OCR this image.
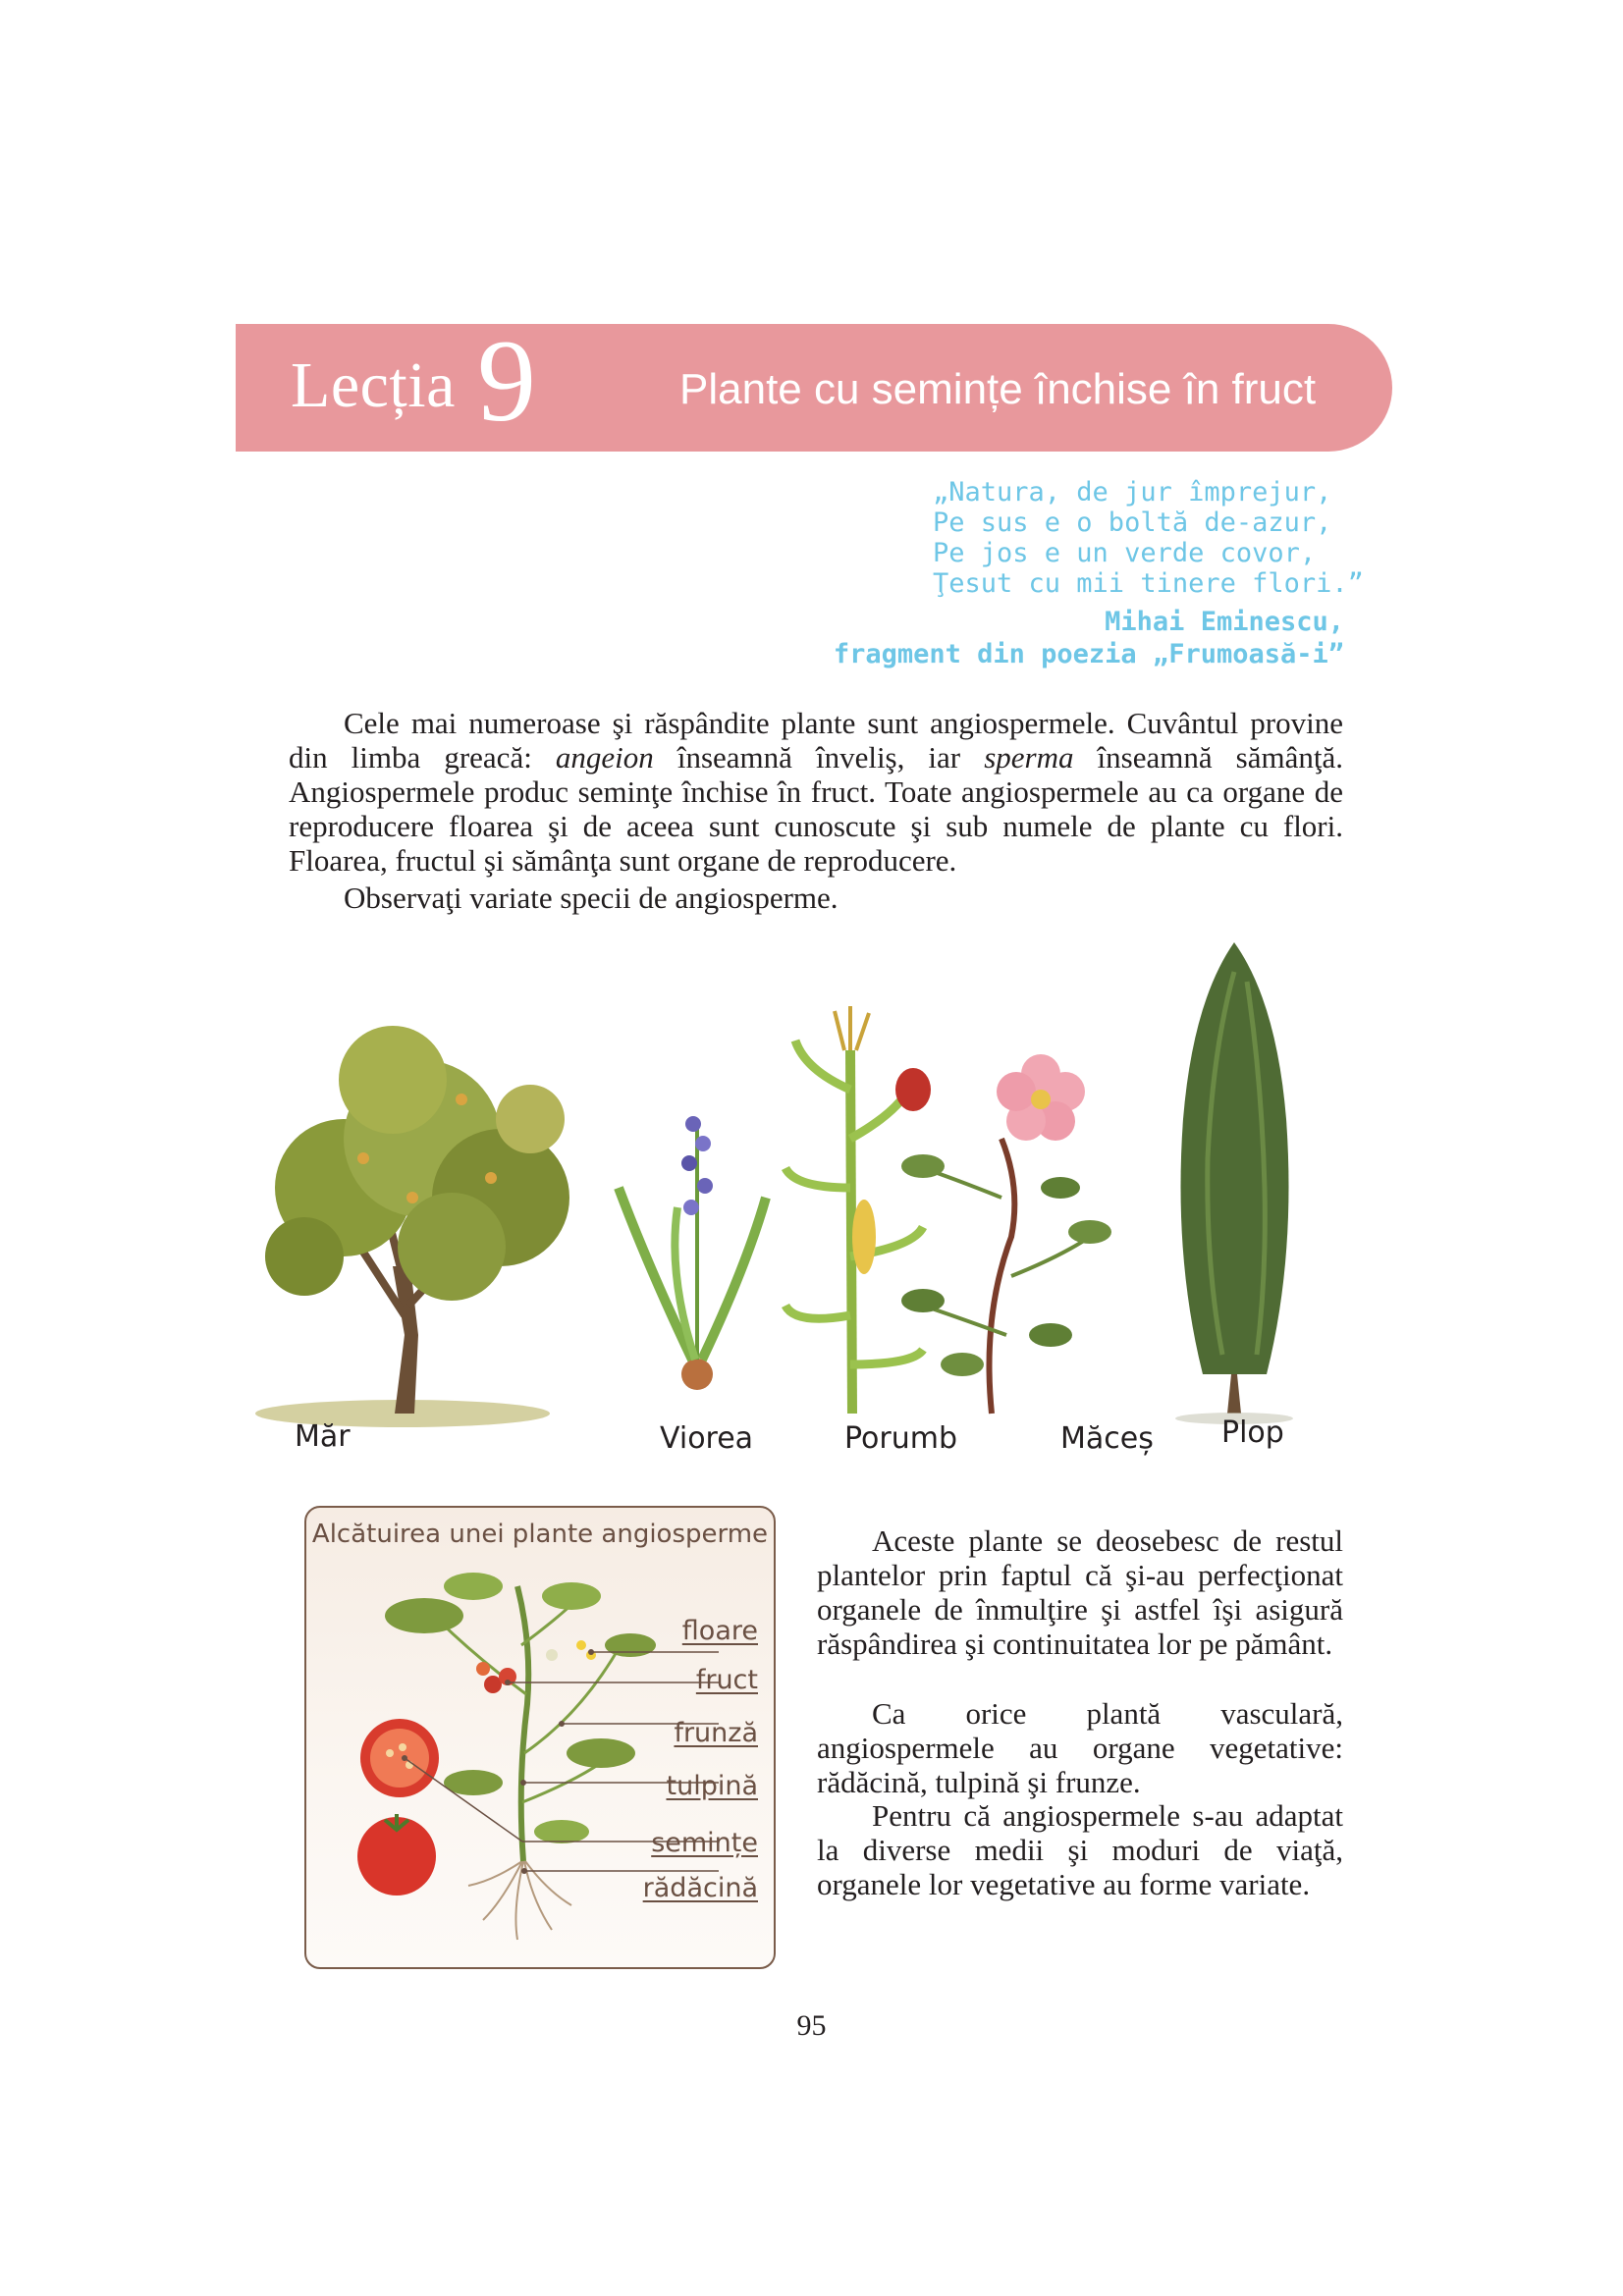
Lecția 9	Plante cu semințe închise în fruct
„Natura, de jur împrejur,
Pe sus e o boltă de-azur,
Pe jos e un verde covor,
Ţesut cu mii tinere flori.”
Mihai Eminescu,
fragment din poezia „Frumoasă-i”
Cele mai numeroase şi răspândite plante sunt angiospermele. Cuvântul provine din limba greacă: angeion înseamnă înveliş, iar sperma înseamnă sămânţă. Angiospermele produc seminţe închise în fruct. Toate angiospermele au ca organe de reproducere floarea şi de aceea sunt cunoscute şi sub numele de plante cu flori. Floarea, fructul şi sămânţa sunt organe de reproducere.
Observaţi variate specii de angiosperme.
Măr	Viorea	Porumb	Măceș Plop
Alcătuirea unei plante angiosperme
floare
fruct
frunză
tulpină
semințe
rădăcină
Aceste plante se deosebesc de restul plantelor prin faptul că şi-au perfecţionat organele de înmulţire şi astfel îşi asigură răspândirea şi continuitatea lor pe pământ.
Ca orice plantă vasculară, angiospermele au organe vegetative: rădăcină, tulpină şi frunze.
Pentru că angiospermele s-au adaptat la diverse medii şi moduri de viaţă, organele lor vegetative au forme variate.
95
